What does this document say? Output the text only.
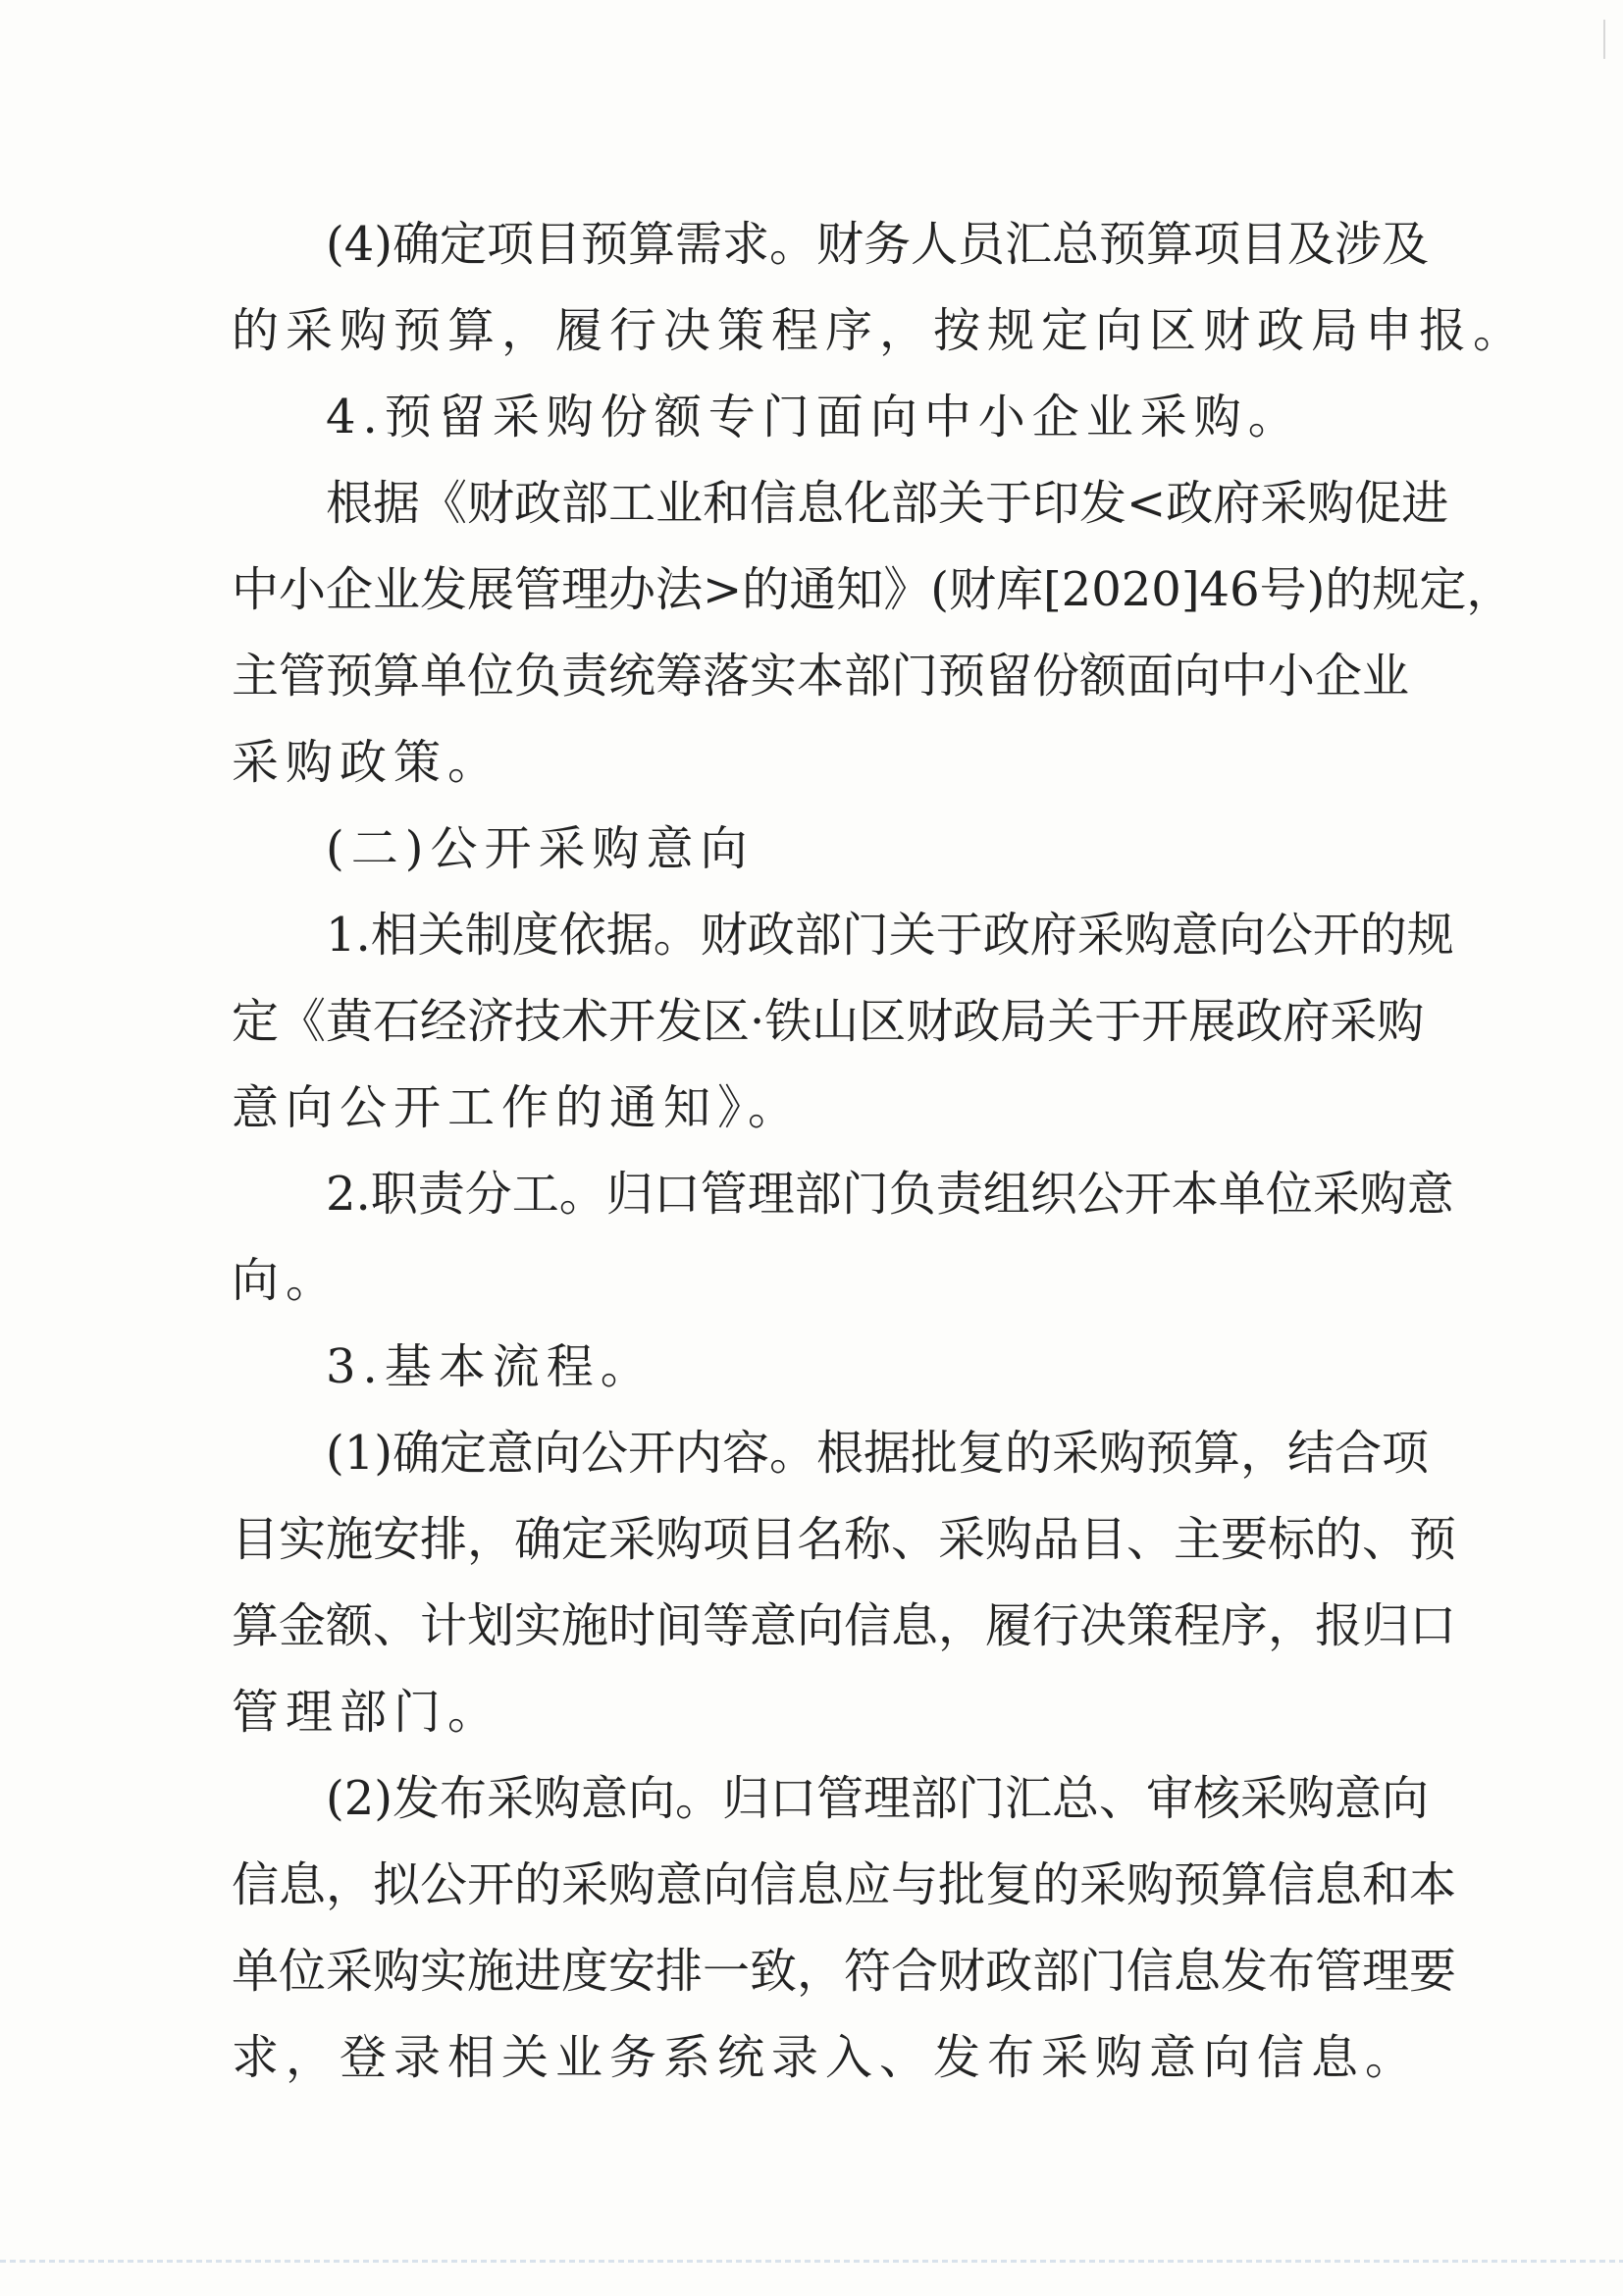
(4)确定项目预算需求。财务人员汇总预算项目及涉及
的采购预算，履行决策程序，按规定向区财政局申报。
4.预留采购份额专门面向中小企业采购。
根据《财政部工业和信息化部关于印发<政府采购促进
中小企业发展管理办法>的通知》(财库[2020]46号)的规定，
主管预算单位负责统筹落实本部门预留份额面向中小企业
采购政策。
(二)公开采购意向
1.相关制度依据。财政部门关于政府采购意向公开的规
定《黄石经济技术开发区·铁山区财政局关于开展政府采购
意向公开工作的通知》。
2.职责分工。归口管理部门负责组织公开本单位采购意
向。
3.基本流程。
(1)确定意向公开内容。根据批复的采购预算，结合项
目实施安排，确定采购项目名称、采购品目、主要标的、预
算金额、计划实施时间等意向信息，履行决策程序，报归口
管理部门。
(2)发布采购意向。归口管理部门汇总、审核采购意向
信息，拟公开的采购意向信息应与批复的采购预算信息和本
单位采购实施进度安排一致，符合财政部门信息发布管理要
求，登录相关业务系统录入、发布采购意向信息。
